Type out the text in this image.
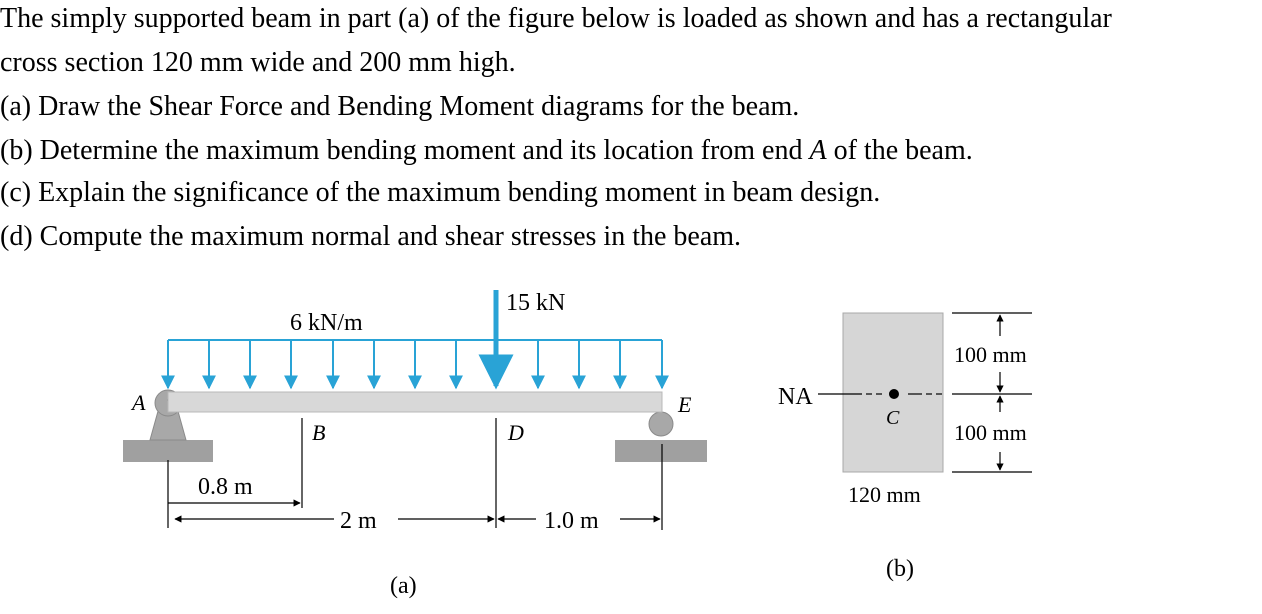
The simply supported beam in part (a) of the figure below is loaded as shown and has a rectangular
cross section 120 mm wide and 200 mm high.
(a) Draw the Shear Force and Bending Moment diagrams for the beam.
(b) Determine the maximum bending moment and its location from end A of the beam.
(c) Explain the significance of the maximum bending moment in beam design.
(d) Compute the maximum normal and shear stresses in the beam.
6 kN/m
15 kN
A
B	D
E
0.8 m
2 m	1.0 m
(a)
NA
C
100 mm
100 mm
120 mm
(b)
